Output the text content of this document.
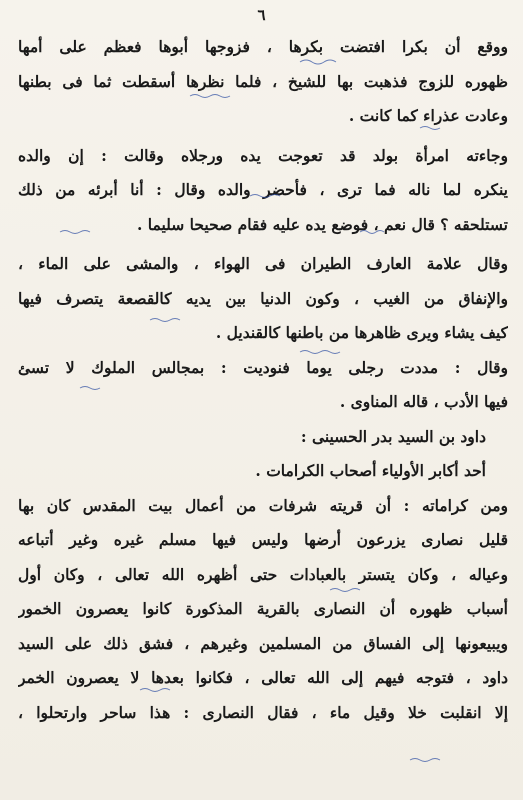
٦
ووقع أن بكرا افتضت بكرها ، فزوجها أبوها فعظم على أمها
ظهوره للزوج فذهبت بها للشيخ ، فلما نظرها أسقطت ثما فى بطنها
وعادت عذراء كما كانت .
وجاءته امرأة بولد قد تعوجت يده ورجلاه وقالت : إن والده
ينكره لما ناله فما ترى ، فأحضر والده وقال : أنا أبرئه من ذلك
تستلحقه ؟ قال نعم ، فوضع يده عليه فقام صحيحا سليما .
وقال علامة العارف الطيران فى الهواء ، والمشى على الماء ،
والإنفاق من الغيب ، وكون الدنيا بين يديه كالقصعة يتصرف فيها
كيف يشاء ويرى ظاهرها من باطنها كالقنديل .
وقال : مددت رجلى يوما فنوديت : بمجالس الملوك لا تسئ
فيها الأدب ، قاله المناوى .
داود بن السيد بدر الحسينى :
أحد أكابر الأولياء أصحاب الكرامات .
ومن كراماته : أن قريته شرفات من أعمال بيت المقدس كان بها
قليل نصارى يزرعون أرضها وليس فيها مسلم غيره وغير أتباعه
وعياله ، وكان يتستر بالعبادات حتى أظهره الله تعالى ، وكان أول
أسباب ظهوره أن النصارى بالقرية المذكورة كانوا يعصرون الخمور
ويبيعونها إلى الفساق من المسلمين وغيرهم ، فشق ذلك على السيد
داود ، فتوجه فيهم إلى الله تعالى ، فكانوا بعدها لا يعصرون الخمر
إلا انقلبت خلا وقيل ماء ، فقال النصارى : هذا ساحر وارتحلوا ،
